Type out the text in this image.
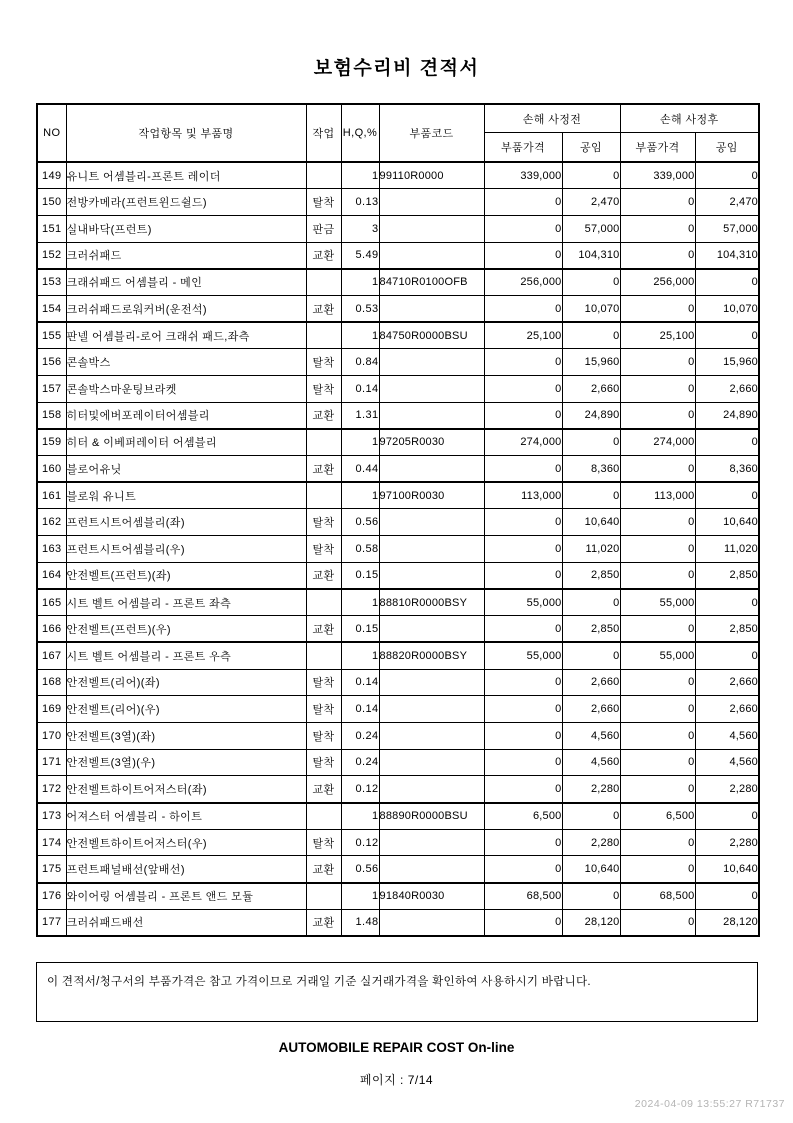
보험수리비 견적서
NO	작업항목 및 부품명	작업	H,Q,%	부품코드	손해 사정전		손해 사정후	
					부품가격	공임	부품가격	공임
149	유니트 어셈블리-프론트 레이더		1	99110R0000	339,000	0	339,000	0
150	전방카메라(프런트윈드쉴드)	탈착	0.13		0	2,470	0	2,470
151	실내바닥(프런트)	판금	3		0	57,000	0	57,000
152	크러쉬패드	교환	5.49		0	104,310	0	104,310
153	크래쉬패드 어셈블리 - 메인		1	84710R0100OFB	256,000	0	256,000	0
154	크러쉬패드로워커버(운전석)	교환	0.53		0	10,070	0	10,070
155	판넬 어셈블리-로어 크래쉬 패드,좌측		1	84750R0000BSU	25,100	0	25,100	0
156	콘솔박스	탈착	0.84		0	15,960	0	15,960
157	콘솔박스마운팅브라켓	탈착	0.14		0	2,660	0	2,660
158	히터및에버포레이터어셈블리	교환	1.31		0	24,890	0	24,890
159	히터 & 이베퍼레이터 어셈블리		1	97205R0030	274,000	0	274,000	0
160	블로어유닛	교환	0.44		0	8,360	0	8,360
161	블로워 유니트		1	97100R0030	113,000	0	113,000	0
162	프런트시트어셈블리(좌)	탈착	0.56		0	10,640	0	10,640
163	프런트시트어셈블리(우)	탈착	0.58		0	11,020	0	11,020
164	안전벨트(프런트)(좌)	교환	0.15		0	2,850	0	2,850
165	시트 벨트 어셈블리 - 프론트 좌측		1	88810R0000BSY	55,000	0	55,000	0
166	안전벨트(프런트)(우)	교환	0.15		0	2,850	0	2,850
167	시트 벨트 어셈블리 - 프론트 우측		1	88820R0000BSY	55,000	0	55,000	0
168	안전벨트(리어)(좌)	탈착	0.14		0	2,660	0	2,660
169	안전벨트(리어)(우)	탈착	0.14		0	2,660	0	2,660
170	안전벨트(3열)(좌)	탈착	0.24		0	4,560	0	4,560
171	안전벨트(3열)(우)	탈착	0.24		0	4,560	0	4,560
172	안전벨트하이트어저스터(좌)	교환	0.12		0	2,280	0	2,280
173	어져스터 어셈블리 - 하이트		1	88890R0000BSU	6,500	0	6,500	0
174	안전벨트하이트어저스터(우)	탈착	0.12		0	2,280	0	2,280
175	프런트패널배선(앞배선)	교환	0.56		0	10,640	0	10,640
176	와이어링 어셈블리 - 프론트 앤드 모듈		1	91840R0030	68,500	0	68,500	0
177	크러쉬패드배선	교환	1.48		0	28,120	0	28,120
이 견적서/청구서의 부품가격은 참고 가격이므로 거래일 기준 실거래가격을 확인하여 사용하시기 바랍니다.
AUTOMOBILE REPAIR COST On-line
페이지 : 7/14
2024-04-09 13:55:27 R71737
